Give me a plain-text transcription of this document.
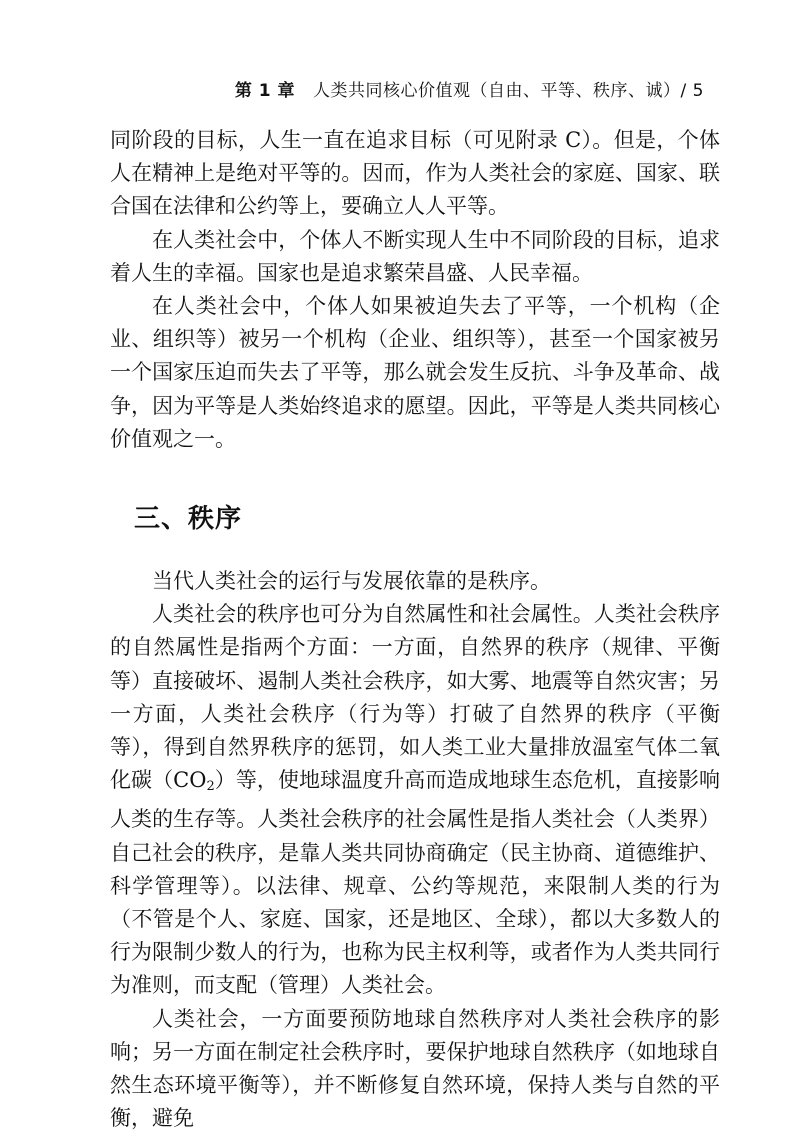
第 1 章 人类共同核心价值观（自由、平等、秩序、诚）/ 5

同阶段的目标，人生一直在追求目标（可见附录 C）。但是，个体人在精神上是绝对平等的。因而，作为人类社会的家庭、国家、联合国在法律和公约等上，要确立人人平等。

在人类社会中，个体人不断实现人生中不同阶段的目标，追求着人生的幸福。国家也是追求繁荣昌盛、人民幸福。

在人类社会中，个体人如果被迫失去了平等，一个机构（企业、组织等）被另一个机构（企业、组织等），甚至一个国家被另一个国家压迫而失去了平等，那么就会发生反抗、斗争及革命、战争，因为平等是人类始终追求的愿望。因此，平等是人类共同核心价值观之一。

三、秩序

当代人类社会的运行与发展依靠的是秩序。

人类社会的秩序也可分为自然属性和社会属性。人类社会秩序的自然属性是指两个方面：一方面，自然界的秩序（规律、平衡等）直接破坏、遏制人类社会秩序，如大雾、地震等自然灾害；另一方面，人类社会秩序（行为等）打破了自然界的秩序（平衡等），得到自然界秩序的惩罚，如人类工业大量排放温室气体二氧化碳$(CO_2)$等，使地球温度升高而造成地球生态危机，直接影响人类的生存等。人类社会秩序的社会属性是指人类社会（人类界）自己社会的秩序，是靠人类共同协商确定（民主协商、道德维护、科学管理等）。以法律、规章、公约等规范，来限制人类的行为（不管是个人、家庭、国家，还是地区、全球），都以大多数人的行为限制少数人的行为，也称为民主权利等，或者作为人类共同行为准则，而支配（管理）人类社会。

人类社会，一方面要预防地球自然秩序对人类社会秩序的影响；另一方面在制定社会秩序时，要保护地球自然秩序（如地球自然生态环境平衡等），并不断修复自然环境，保持人类与自然的平衡，避免
